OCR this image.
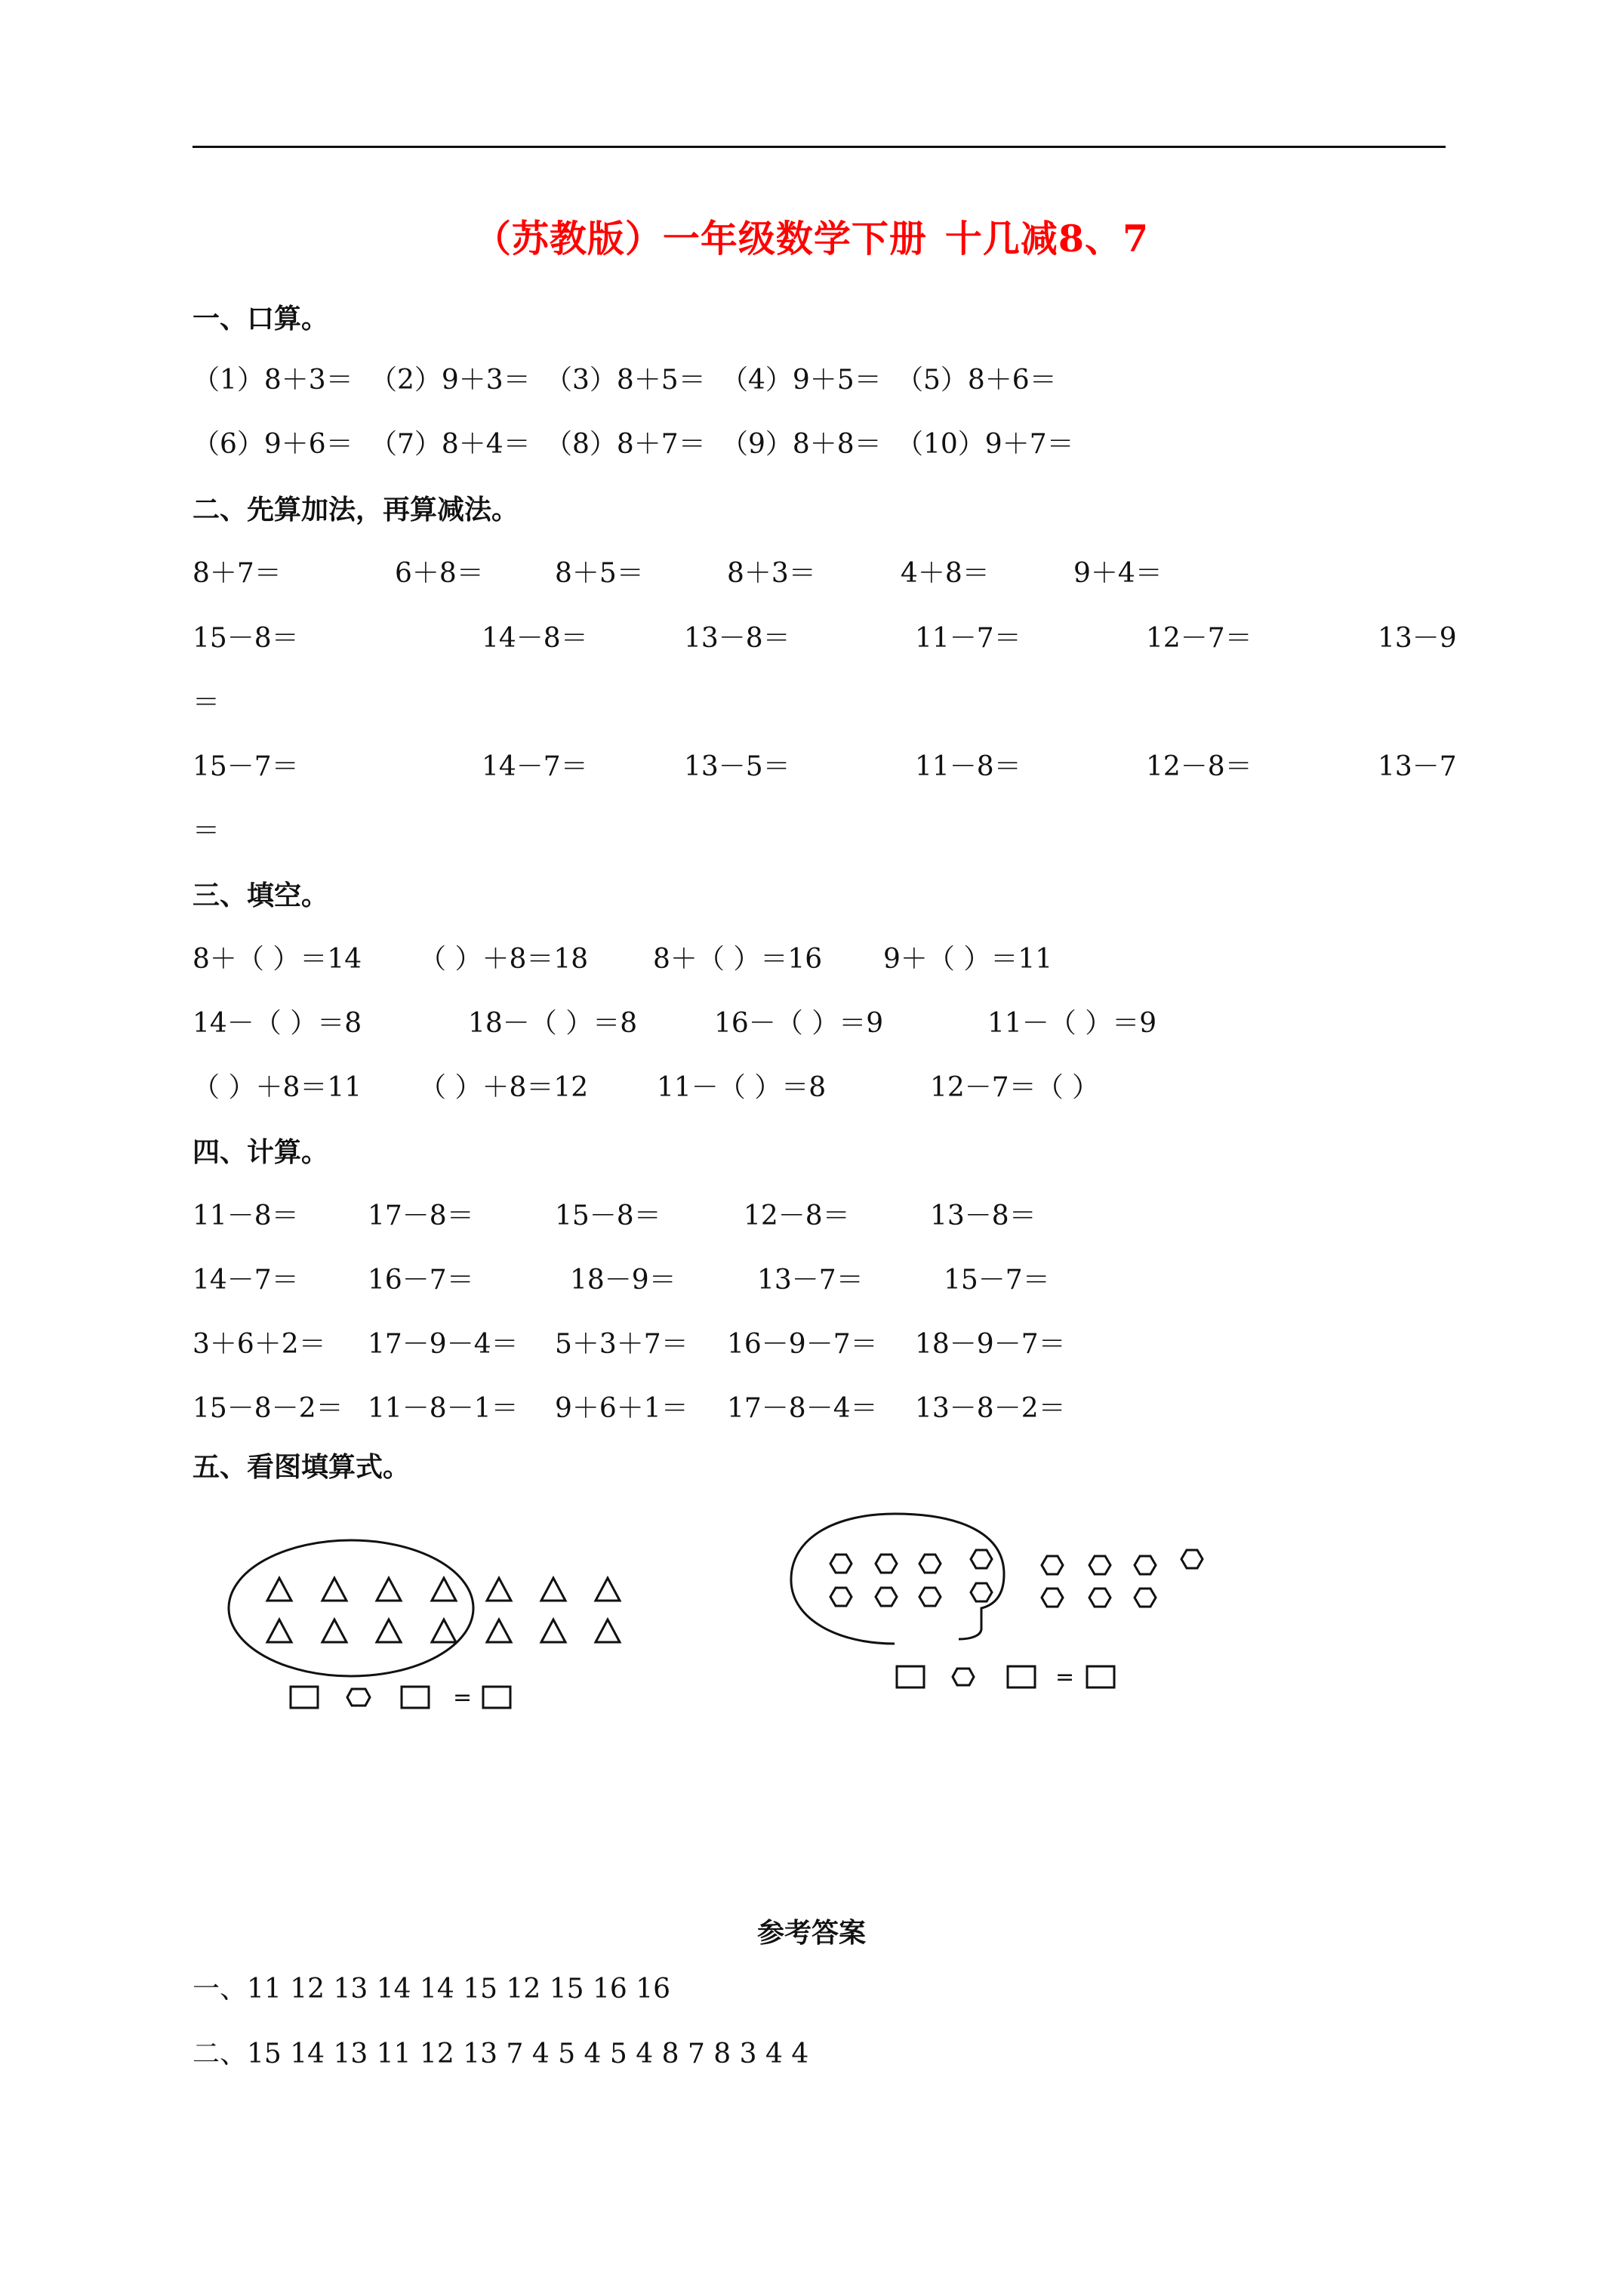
（苏教版）一年级数学下册 十几减8、7
一、口算。
（1）8＋3＝ （2）9＋3＝ （3）8＋5＝ （4）9＋5＝ （5）8＋6＝
（6）9＋6＝ （7）8＋4＝ （8）8＋7＝ （9）8＋8＝ （10）9＋7＝
二、先算加法，再算减法。
8＋7＝	6＋8＝	8＋5＝	8＋3＝	4＋8＝	9＋4＝
15－8＝	14－8＝	13－8＝	11－7＝	12－7＝	13－9
＝
15－7＝	14－7＝	13－5＝	11－8＝	12－8＝	13－7
＝
三、填空。
8＋（ ）＝14 （ ）＋8＝18 8＋（ ）＝16 9＋（ ）＝11
14－（ ）＝8	18－（ ）＝8	16－（ ）＝9	11－（ ）＝9
（ ）＋8＝11 （ ）＋8＝12	11－（ ）＝8	12－7＝（ ）
四、计算。
11－8＝	17－8＝	15－8＝	12－8＝	13－8＝
14－7＝	16－7＝	18－9＝	13－7＝	15－7＝
3＋6＋2＝ 17－9－4＝ 5＋3＋7＝ 16－9－7＝ 18－9－7＝
15－8－2＝ 11－8－1＝ 9＋6＋1＝ 17－8－4＝ 13－8－2＝
五、看图填算式。
=
=
参考答案
一、11 12 13 14 14 15 12 15 16 16
二、15 14 13 11 12 13 7 4 5 4 5 4 8 7 8 3 4 4
